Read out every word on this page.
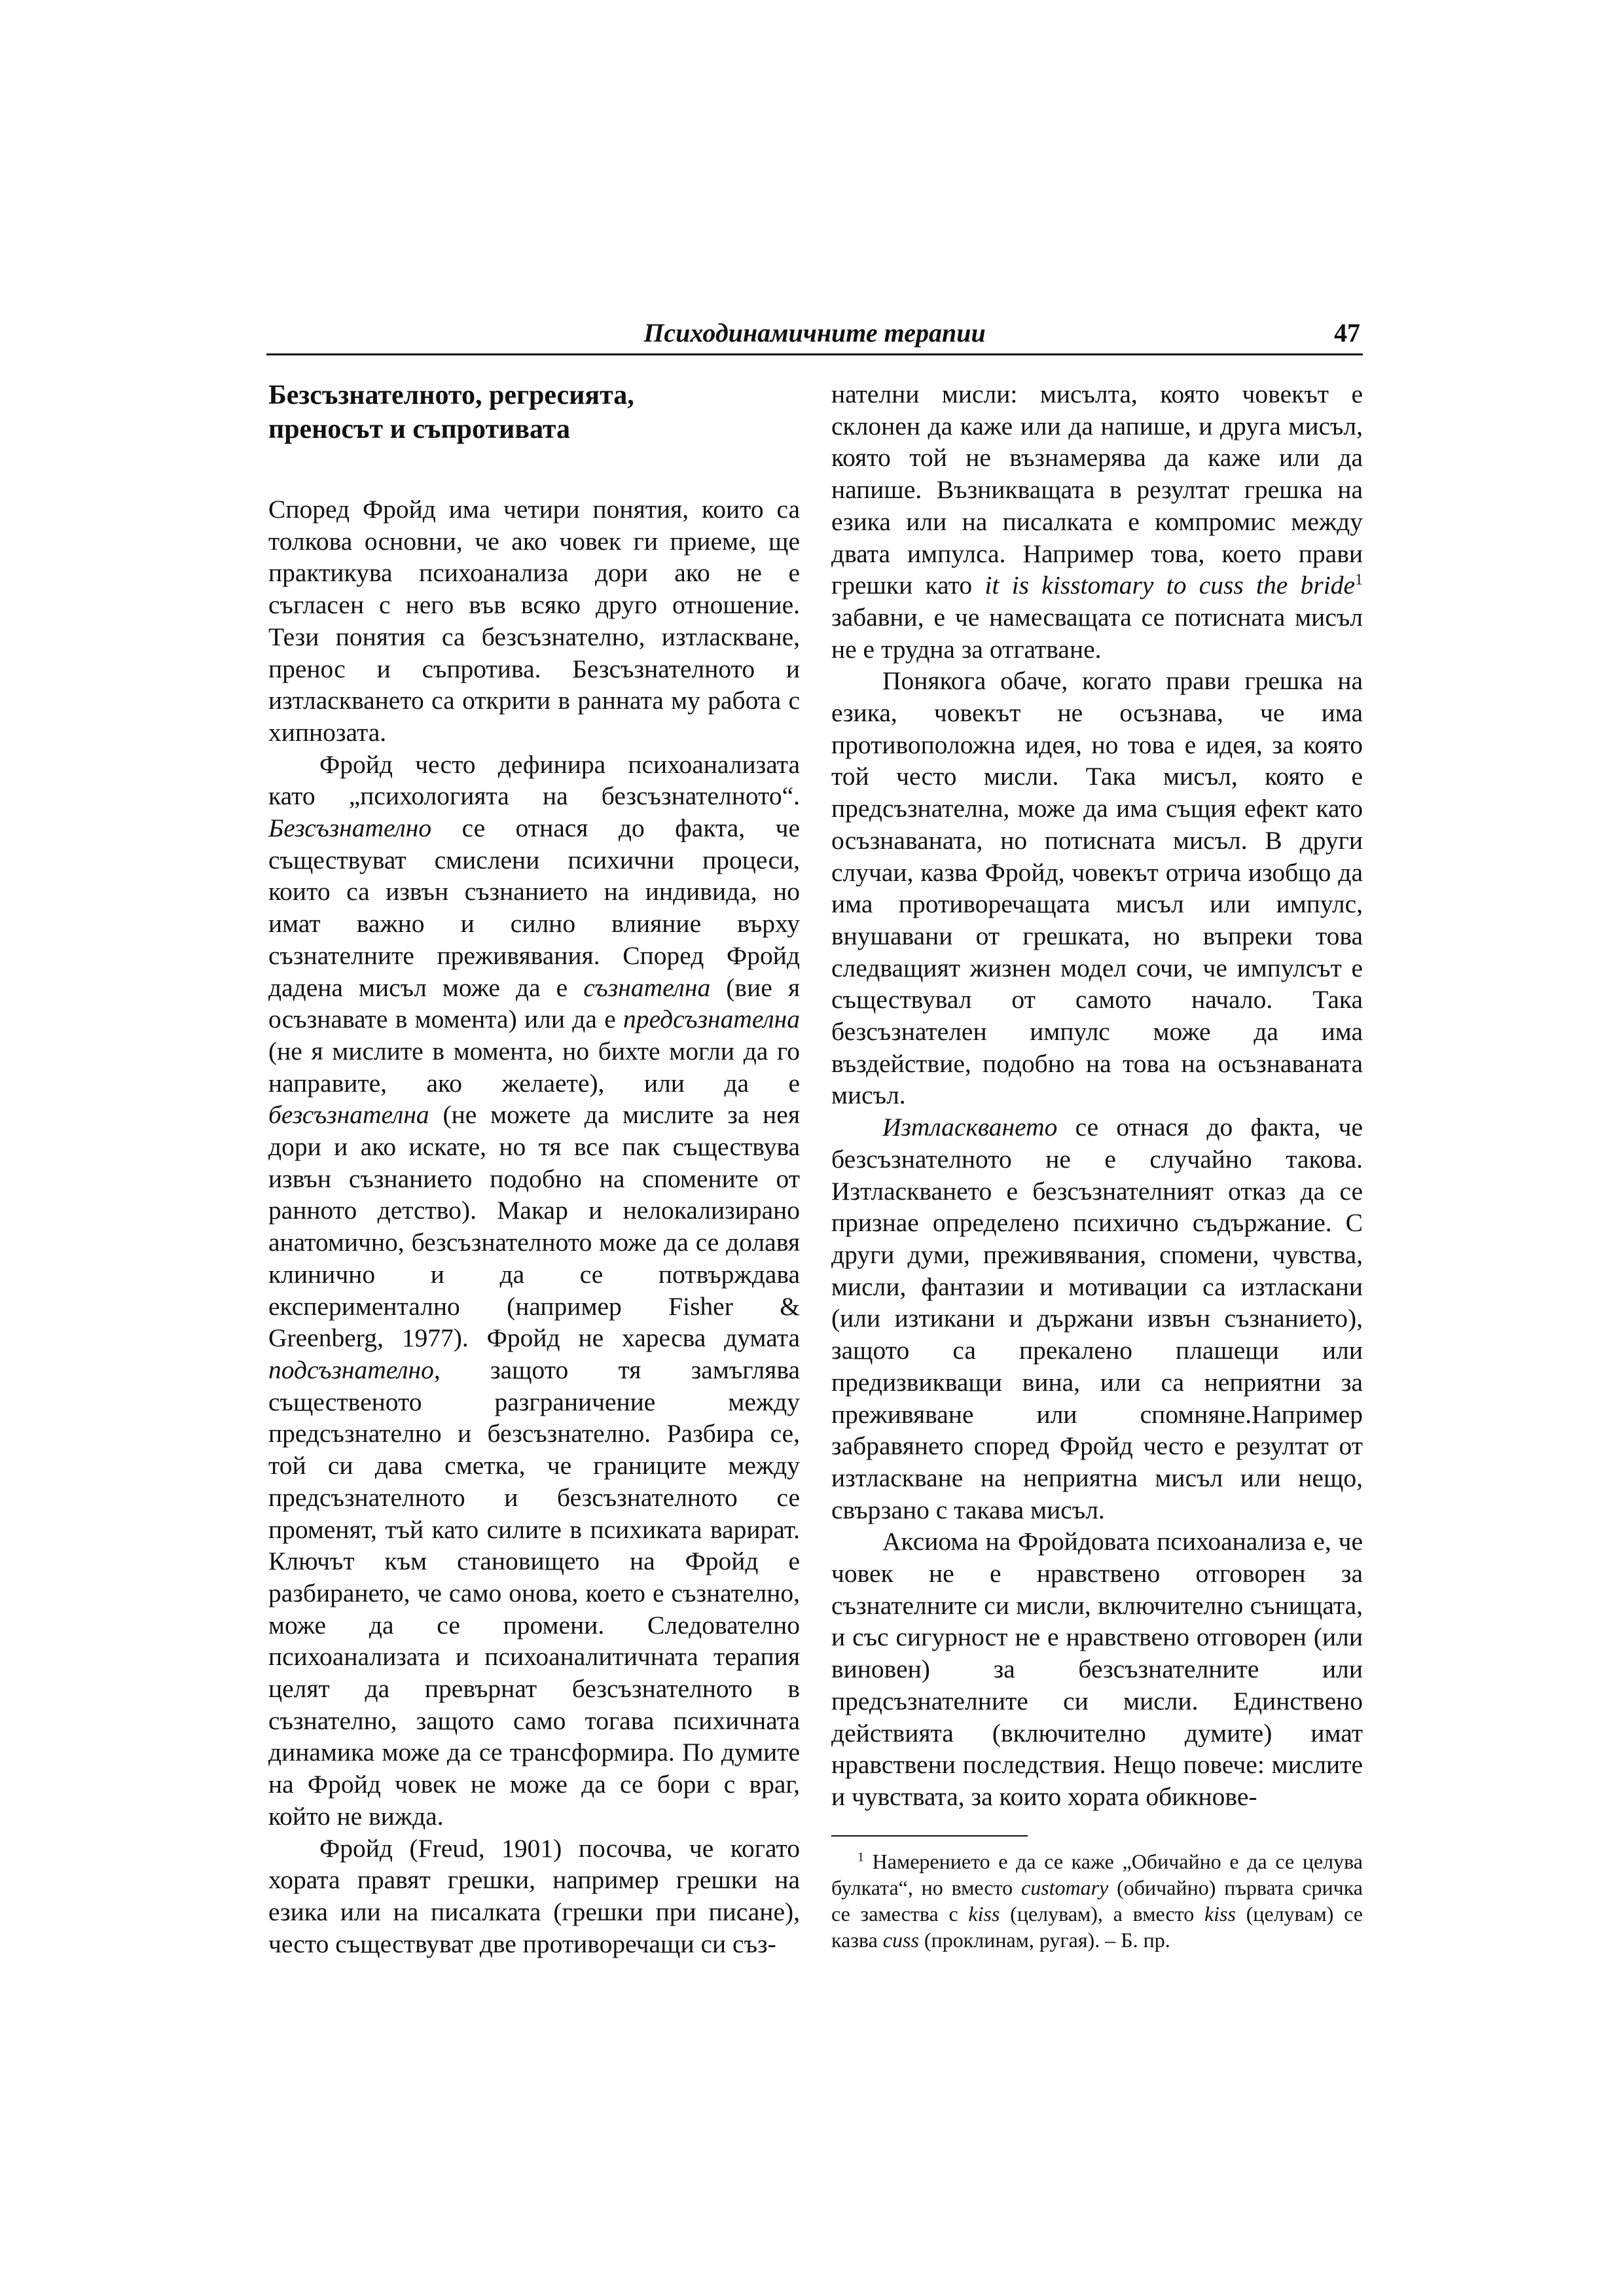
Психодинамичните терапии	47
Безсъзнателното, регресията,
преносът и съпротивата

Според Фройд има четири понятия, които са толкова основни, че ако човек ги приеме, ще практикува психоанализа дори ако не е съгласен с него във всяко друго отношение. Тези понятия са безсъзнателно, изтласкване, пренос и съпротива. Безсъзнателното и изтласкването са открити в ранната му работа с хипнозата.

Фройд често дефинира психоанализата като „психологията на безсъзнателното“. Безсъзнателно се отнася до факта, че съществуват смислени психични процеси, които са извън съзнанието на индивида, но имат важно и силно влияние върху съзнателните преживявания. Според Фройд дадена мисъл може да е съзнателна (вие я осъзнавате в момента) или да е предсъзнателна (не я мислите в момента, но бихте могли да го направите, ако желаете), или да е безсъзнателна (не можете да мислите за нея дори и ако искате, но тя все пак съществува извън съзнанието подобно на спомените от ранното детство). Макар и нелокализирано анатомично, безсъзнателното може да се долавя клинично и да се потвърждава експериментално (например Fisher & Greenberg, 1977). Фройд не харесва думата подсъзнателно, защото тя замъглява същественото разграничение между предсъзнателно и безсъзнателно. Разбира се, той си дава сметка, че границите между предсъзнателното и безсъзнателното се променят, тъй като силите в психиката варират. Ключът към становището на Фройд е разбирането, че само онова, което е съзнателно, може да се промени. Следователно психоанализата и психоаналитичната терапия целят да превърнат безсъзнателното в съзнателно, защото само тогава психичната динамика може да се трансформира. По думите на Фройд човек не може да се бори с враг, който не вижда.

Фройд (Freud, 1901) посочва, че когато хората правят грешки, например грешки на езика или на писалката (грешки при писане), често съществуват две противоречащи си съз-

нателни мисли: мисълта, която човекът е склонен да каже или да напише, и друга мисъл, която той не възнамерява да каже или да напише. Възникващата в резултат грешка на езика или на писалката е компромис между двата импулса. Например това, което прави грешки като it is kisstomary to cuss the bride$^1$ забавни, е че намесващата се потисната мисъл не е трудна за отгатване.

Понякога обаче, когато прави грешка на езика, човекът не осъзнава, че има противоположна идея, но това е идея, за която той често мисли. Така мисъл, която е предсъзнателна, може да има същия ефект като осъзнаваната, но потисната мисъл. В други случаи, казва Фройд, човекът отрича изобщо да има противоречащата мисъл или импулс, внушавани от грешката, но въпреки това следващият жизнен модел сочи, че импулсът е съществувал от самото начало. Така безсъзнателен импулс може да има въздействие, подобно на това на осъзнаваната мисъл.

Изтласкването се отнася до факта, че безсъзнателното не е случайно такова. Изтласкването е безсъзнателният отказ да се признае определено психично съдържание. С други думи, преживявания, спомени, чувства, мисли, фантазии и мотивации са изтласкани (или изтикани и държани извън съзнанието), защото са прекалено плашещи или предизвикващи вина, или са неприятни за преживяване или спомняне.Например забравянето според Фройд често е резултат от изтласкване на неприятна мисъл или нещо, свързано с такава мисъл.

Аксиома на Фройдовата психоанализа е, че човек не е нравствено отговорен за съзнателните си мисли, включително сънищата, и със сигурност не е нравствено отговорен (или виновен) за безсъзнателните или предсъзнателните си мисли. Единствено действията (включително думите) имат нравствени последствия. Нещо повече: мислите и чувствата, за които хората обикнове-

$^1$ Намерението е да се каже „Обичайно е да се целува булката“, но вместо customary (обичайно) първата сричка се замества с kiss (целувам), а вместо kiss (целувам) се казва cuss (проклинам, ругая). – Б. пр.
